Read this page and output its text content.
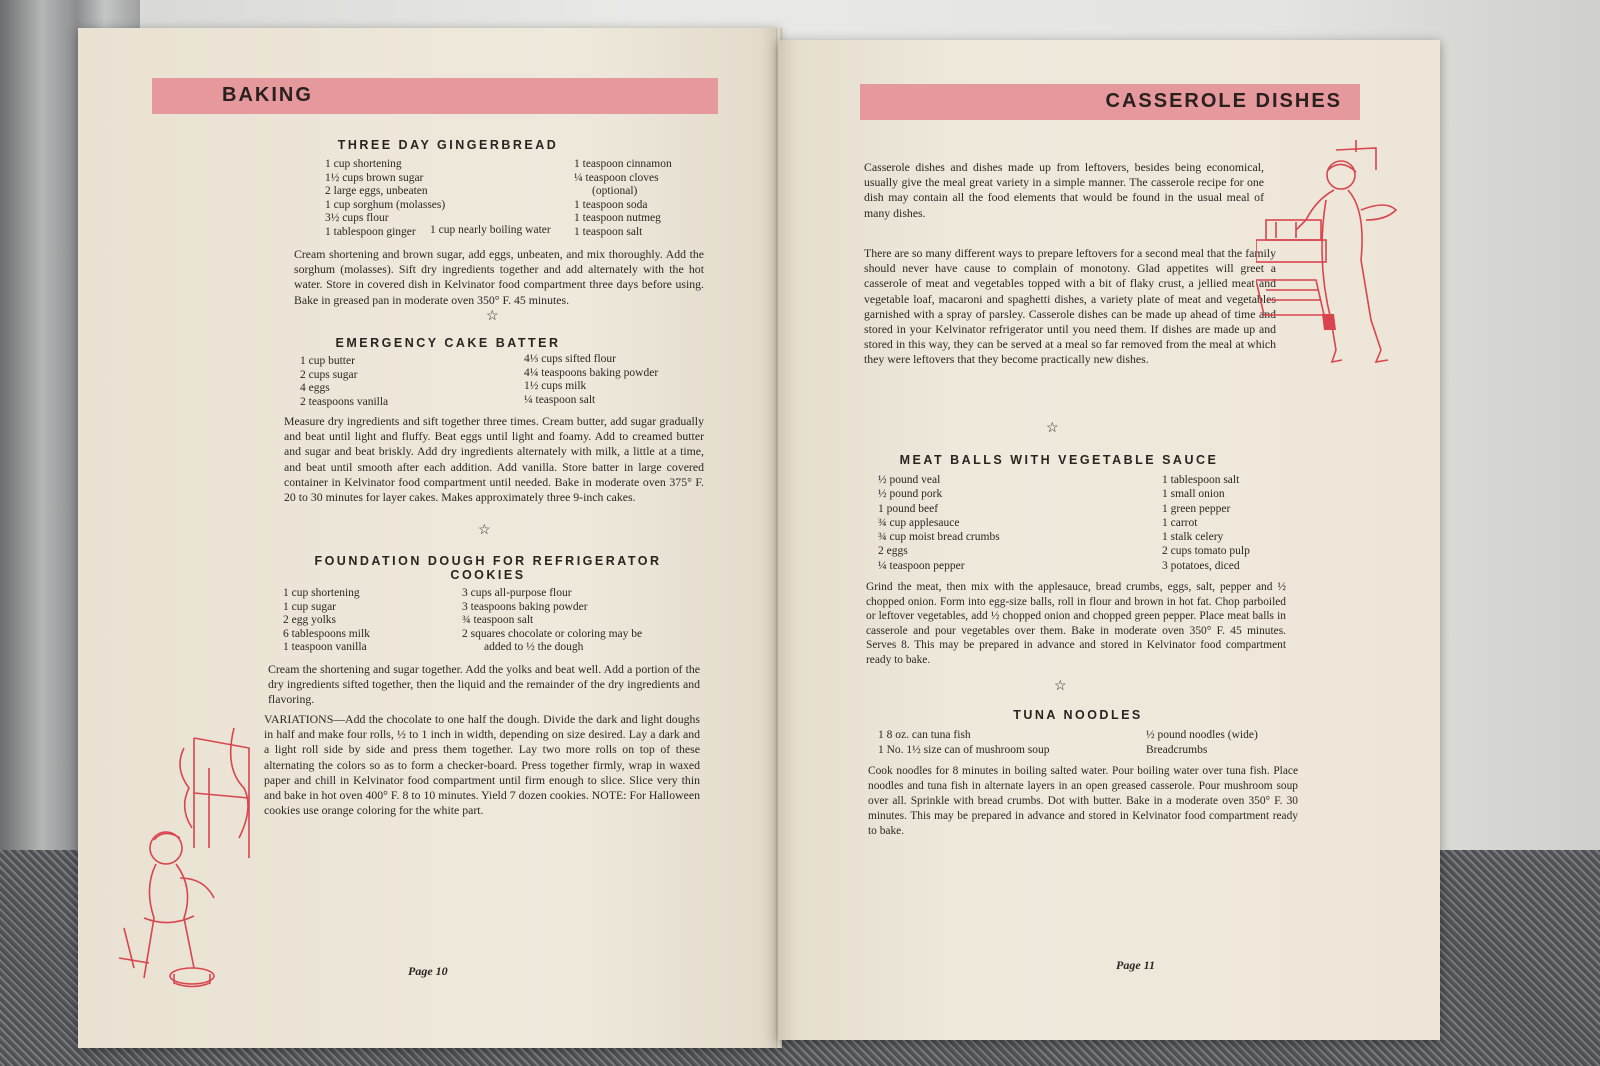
BAKING
THREE DAY GINGERBREAD
1 cup shortening
1½ cups brown sugar
2 large eggs, unbeaten
1 cup sorghum (molasses)
3½ cups flour
1 tablespoon ginger
1 teaspoon cinnamon
¼ teaspoon cloves
(optional)
1 teaspoon soda
1 teaspoon nutmeg
1 teaspoon salt
1 cup nearly boiling water
Cream shortening and brown sugar, add eggs, unbeaten, and mix thoroughly. Add the sorghum (molasses). Sift dry ingredients together and add alternately with the hot water. Store in covered dish in Kelvinator food compartment three days before using. Bake in greased pan in moderate oven 350° F. 45 minutes.
☆
EMERGENCY CAKE BATTER
1 cup butter
2 cups sugar
4 eggs
2 teaspoons vanilla
4⅓ cups sifted flour
4¼ teaspoons baking powder
1½ cups milk
¼ teaspoon salt
Measure dry ingredients and sift together three times. Cream butter, add sugar gradually and beat until light and fluffy. Beat eggs until light and foamy. Add to creamed butter and sugar and beat briskly. Add dry ingredients alternately with milk, a little at a time, and beat until smooth after each addition. Add vanilla. Store batter in large covered container in Kelvinator food compartment until needed. Bake in moderate oven 375° F. 20 to 30 minutes for layer cakes. Makes approximately three 9-inch cakes.
☆
FOUNDATION DOUGH FOR REFRIGERATOR
COOKIES
1 cup shortening
1 cup sugar
2 egg yolks
6 tablespoons milk
1 teaspoon vanilla
3 cups all-purpose flour
3 teaspoons baking powder
¾ teaspoon salt
2 squares chocolate or coloring may be
added to ½ the dough
Cream the shortening and sugar together. Add the yolks and beat well. Add a portion of the dry ingredients sifted together, then the liquid and the remainder of the dry ingredients and flavoring.
VARIATIONS—Add the chocolate to one half the dough. Divide the dark and light doughs in half and make four rolls, ½ to 1 inch in width, depending on size desired. Lay a dark and a light roll side by side and press them together. Lay two more rolls on top of these alternating the colors so as to form a checker-board. Press together firmly, wrap in waxed paper and chill in Kelvinator food compartment until firm enough to slice. Slice very thin and bake in hot oven 400° F. 8 to 10 minutes. Yield 7 dozen cookies. NOTE: For Halloween cookies use orange coloring for the white part.
Page 10
CASSEROLE DISHES
Casserole dishes and dishes made up from leftovers, besides being economical, usually give the meal great variety in a simple manner. The casserole recipe for one dish may contain all the food elements that would be found in the usual meal of many dishes.
There are so many different ways to prepare leftovers for a second meal that the family should never have cause to complain of monotony. Glad appetites will greet a casserole of meat and vegetables topped with a bit of flaky crust, a jellied meat and vegetable loaf, macaroni and spaghetti dishes, a variety plate of meat and vegetables garnished with a spray of parsley. Casserole dishes can be made up ahead of time and stored in your Kelvinator refrigerator until you need them. If dishes are made up and stored in this way, they can be served at a meal so far removed from the meal at which they were leftovers that they become practically new dishes.
☆
MEAT BALLS WITH VEGETABLE SAUCE
½ pound veal
½ pound pork
1 pound beef
¾ cup applesauce
¾ cup moist bread crumbs
2 eggs
¼ teaspoon pepper
1 tablespoon salt
1 small onion
1 green pepper
1 carrot
1 stalk celery
2 cups tomato pulp
3 potatoes, diced
Grind the meat, then mix with the applesauce, bread crumbs, eggs, salt, pepper and ½ chopped onion. Form into egg-size balls, roll in flour and brown in hot fat. Chop parboiled or leftover vegetables, add ½ chopped onion and chopped green pepper. Place meat balls in casserole and pour vegetables over them. Bake in moderate oven 350° F. 45 minutes. Serves 8. This may be prepared in advance and stored in Kelvinator food compartment ready to bake.
☆
TUNA NOODLES
1 8 oz. can tuna fish
1 No. 1½ size can of mushroom soup
½ pound noodles (wide)
Breadcrumbs
Cook noodles for 8 minutes in boiling salted water. Pour boiling water over tuna fish. Place noodles and tuna fish in alternate layers in an open greased casserole. Pour mushroom soup over all. Sprinkle with bread crumbs. Dot with butter. Bake in a moderate oven 350° F. 30 minutes. This may be prepared in advance and stored in Kelvinator food compartment ready to bake.
Page 11
